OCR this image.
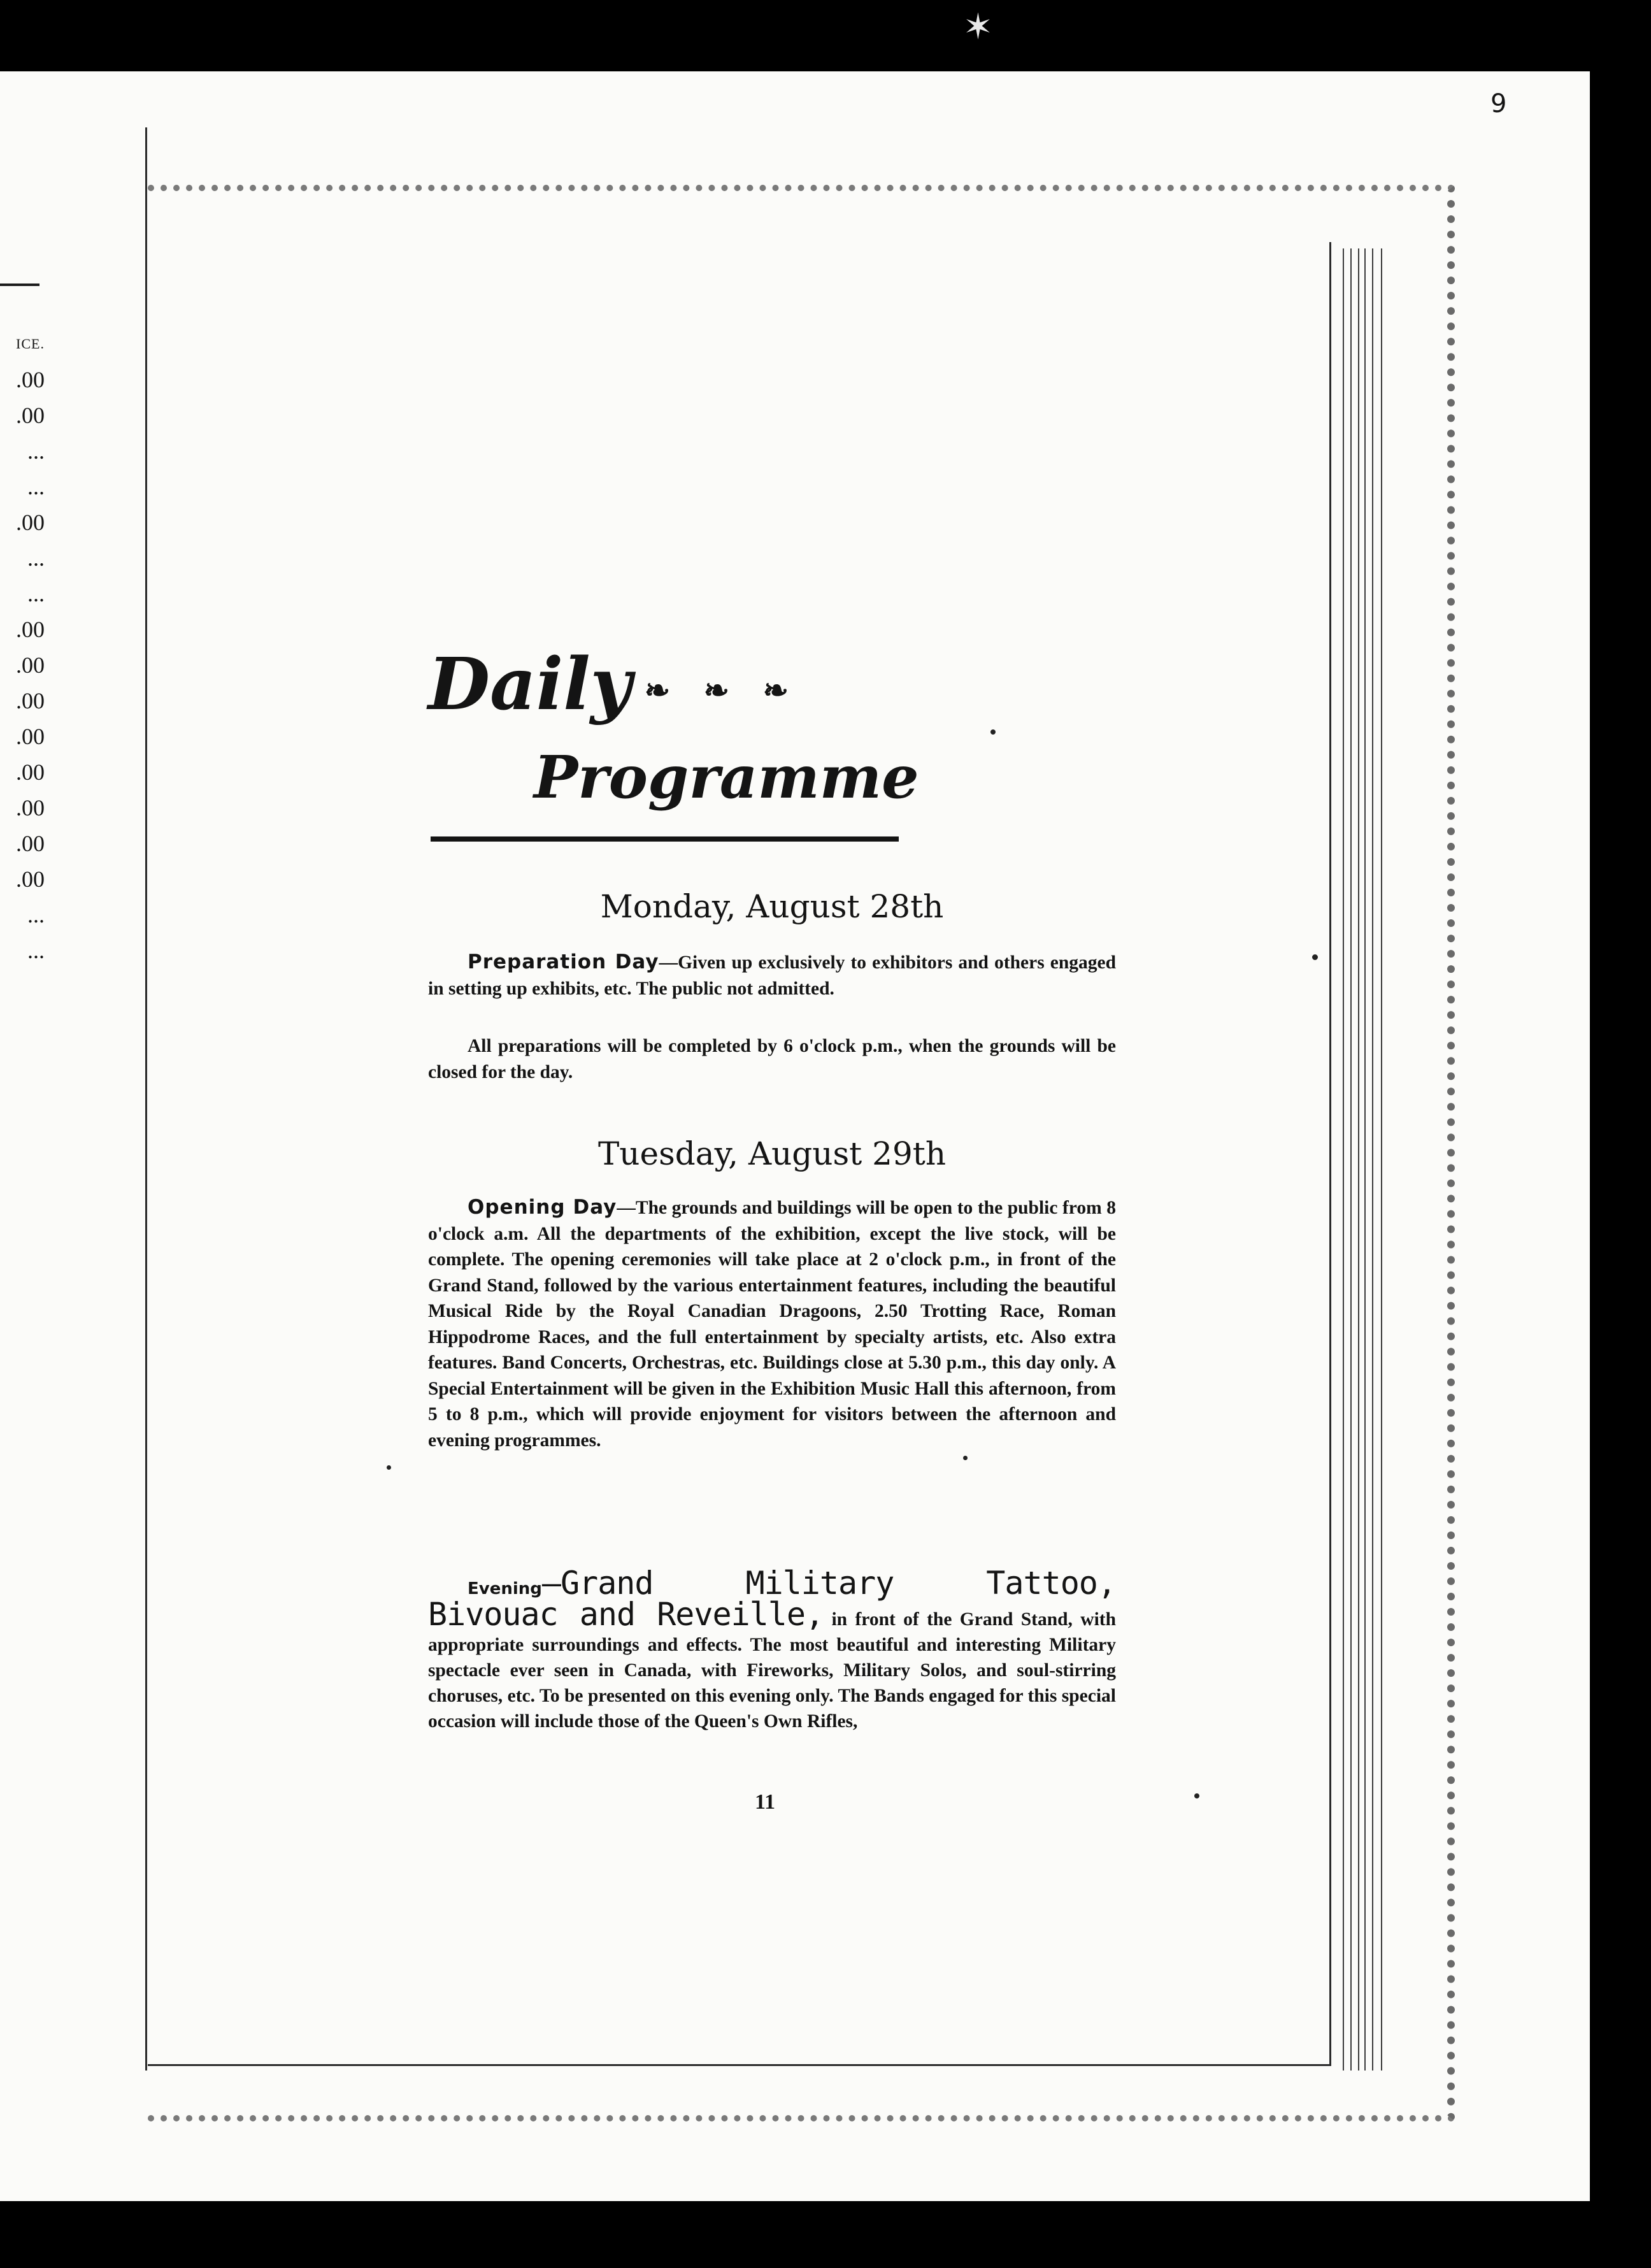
✶
9
ICE.
.00
.00
...
...
.00
...
...
.00
.00
.00
.00
.00
.00
.00
.00
...
...
Daily ❧ ❧ ❧
Programme
Monday, August 28th
Preparation Day—Given up exclusively to exhibitors and others engaged in setting up exhibits, etc. The public not admitted.
All preparations will be completed by 6 o'clock p.m., when the grounds will be closed for the day.
Tuesday, August 29th
Opening Day—The grounds and buildings will be open to the public from 8 o'clock a.m. All the departments of the exhibition, except the live stock, will be complete. The opening ceremonies will take place at 2 o'clock p.m., in front of the Grand Stand, followed by the various entertainment features, including the beautiful Musical Ride by the Royal Canadian Dragoons, 2.50 Trotting Race, Roman Hippodrome Races, and the full entertainment by specialty artists, etc. Also extra features. Band Concerts, Orchestras, etc. Buildings close at 5.30 p.m., this day only. A Special Entertainment will be given in the Exhibition Music Hall this afternoon, from 5 to 8 p.m., which will provide enjoyment for visitors between the afternoon and evening programmes.
Evening—Grand Military Tattoo, Bivouac and Reveille, in front of the Grand Stand, with appropriate surroundings and effects. The most beautiful and interesting Military spectacle ever seen in Canada, with Fireworks, Military Solos, and soul-stirring choruses, etc. To be presented on this evening only. The Bands engaged for this special occasion will include those of the Queen's Own Rifles,
11
